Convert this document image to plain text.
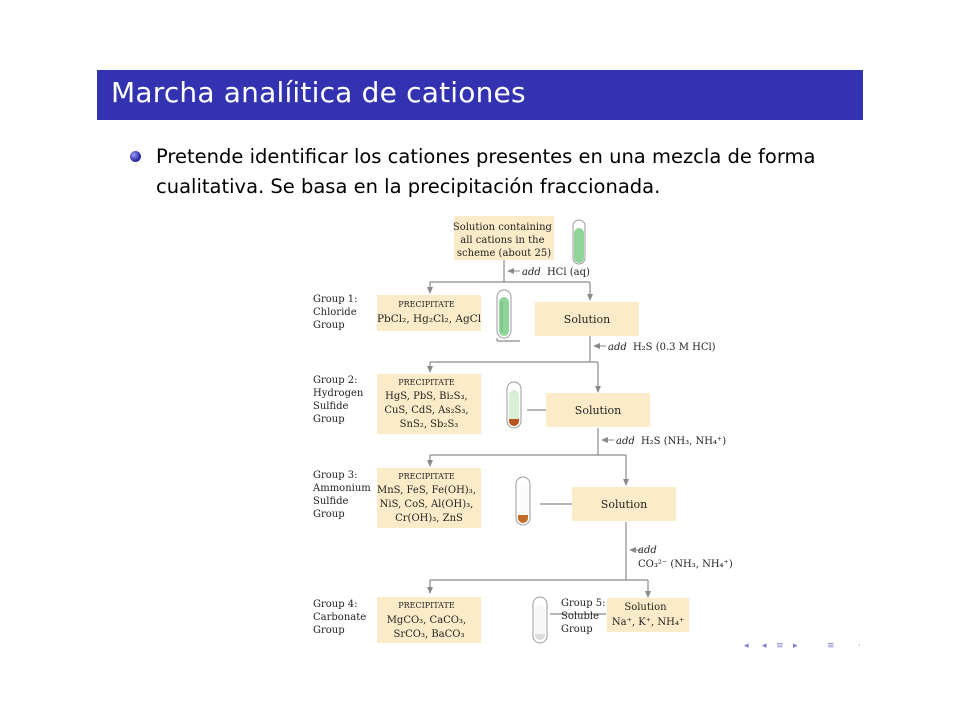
Marcha analíitica de cationes
Pretende identificar los cationes presentes en una mezcla de forma cualitativa. Se basa en la precipitación fraccionada.
Solution containing all cations in the scheme (about 25)
add HCl (aq)
add H₂S (0.3 M HCl)
add H₂S (NH₃, NH₄⁺)
add CO₃²⁻ (NH₃, NH₄⁺)
Group 1: Chloride Group
PRECIPITATE PbCl₂, Hg₂Cl₂, AgCl	Solution
Group 2: Hydrogen Sulfide Group
PRECIPITATE HgS, PbS, Bi₂S₃, CuS, CdS, As₂S₃, SnS₂, Sb₂S₃
Solution
Group 3: Ammonium Sulfide Group
PRECIPITATE MnS, FeS, Fe(OH)₃, NiS, CoS, Al(OH)₃, Cr(OH)₃, ZnS
Solution
Group 4: Carbonate Group
PRECIPITATE MgCO₃, CaCO₃, SrCO₃, BaCO₃
Group 5: Soluble Group
Solution Na⁺, K⁺, NH₄⁺
◂ ◂ ≡ ▸	≡	·
